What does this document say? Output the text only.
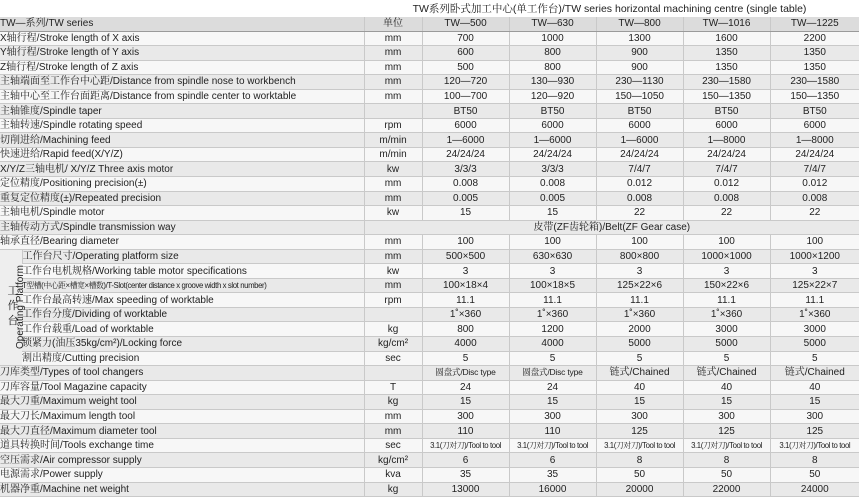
TW系列卧式加工中心(单工作台)/TW series horizontal machining centre (single table)
TW—系列/TW series		单位	TW—500	TW—630	TW—800	TW—1016	TW—1225
X轴行程/Stroke length of X axis		mm	700	1000	1300	1600	2200
Y轴行程/Stroke length of Y axis		mm	600	800	900	1350	1350
Z轴行程/Stroke length of Z axis		mm	500	800	900	1350	1350
主轴端面至工作台中心距/Distance from spindle nose to workbench		mm	120—720	130—930	230—1130	230—1580	230—1580
主轴中心至工作台面距离/Distance from spindle center to worktable		mm	100—700	120—920	150—1050	150—1350	150—1350
主轴锥度/Spindle taper			BT50	BT50	BT50	BT50	BT50
主轴转速/Spindle rotating speed		rpm	6000	6000	6000	6000	6000
切削进给/Machining feed		m/min	1—6000	1—6000	1—6000	1—8000	1—8000
快速进给/Rapid feed(X/Y/Z)		m/min	24/24/24	24/24/24	24/24/24	24/24/24	24/24/24
X/Y/Z三轴电机/ X/Y/Z Three axis motor		kw	3/3/3	3/3/3	7/4/7	7/4/7	7/4/7
定位精度/Positioning precision(±)		mm	0.008	0.008	0.012	0.012	0.012
重复定位精度(±)/Repeated precision		mm	0.005	0.005	0.008	0.008	0.008
主轴电机/Spindle motor		kw	15	15	22	22	22
主轴传动方式/Spindle transmission way		皮带(ZF齿轮箱)/Belt(ZF Gear case)					
轴承直径/Bearing diameter		mm	100	100	100	100	100

工作台
Operating Platform	工作台尺寸/Operating platform size	mm	500×500	630×630	800×800	1000×1000	1000×1200
	工作台电机规格/Working table motor specifications	kw	3	3	3	3	3
	T型槽(中心距×槽宽×槽数)/T-Slot(center distance x groove width x slot number)	mm	100×18×4	100×18×5	125×22×6	150×22×6	125×22×7
	工作台最高转速/Max speeding of worktable	rpm	11.1	11.1	11.1	11.1	11.1
	工作台分度/Dividing of worktable		1˚×360	1˚×360	1˚×360	1˚×360	1˚×360
	工作台载重/Load of worktable	kg	800	1200	2000	3000	3000
	锁紧力(油压35kg/cm²)/Locking force	kg/cm²	4000	4000	5000	5000	5000
	割出精度/Cutting precision	sec	5	5	5	5	5
刀库类型/Types of tool changers			圆盘式/Disc type	圆盘式/Disc type	链式/Chained	链式/Chained	链式/Chained
刀库容量/Tool Magazine capacity		T	24	24	40	40	40
最大刀重/Maximum weight tool		kg	15	15	15	15	15
最大刀长/Maximum length tool		mm	300	300	300	300	300
最大刀直径/Maximum diameter tool		mm	110	110	125	125	125
道具转换时间/Tools exchange time		sec	3.1(刀对刀)/Tool to tool	3.1(刀对刀)/Tool to tool	3.1(刀对刀)/Tool to tool	3.1(刀对刀)/Tool to tool	3.1(刀对刀)/Tool to tool
空压需求/Air compressor supply		kg/cm²	6	6	8	8	8
电源需求/Power supply		kva	35	35	50	50	50
机器净重/Machine net weight		kg	13000	16000	20000	22000	24000
